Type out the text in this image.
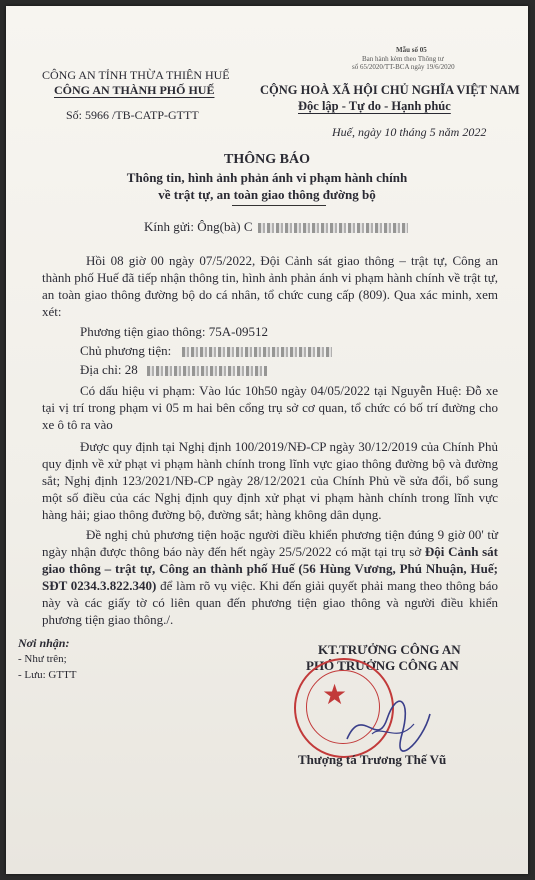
Mẫu số 05
Ban hành kèm theo Thông tư
số 65/2020/TT-BCA ngày 19/6/2020
CÔNG AN TỈNH THỪA THIÊN HUẾ
CÔNG AN THÀNH PHỐ HUẾ
Số: 5966 /TB-CATP-GTTT
CỘNG HOÀ XÃ HỘI CHỦ NGHĨA VIỆT NAM
Độc lập - Tự do - Hạnh phúc
Huế, ngày 10 tháng 5 năm 2022
THÔNG BÁO
Thông tin, hình ảnh phản ánh vi phạm hành chính
về trật tự, an toàn giao thông đường bộ
Kính gửi: Ông(bà) C
Hồi 08 giờ 00 ngày 07/5/2022, Đội Cảnh sát giao thông – trật tự, Công an thành phố Huế đã tiếp nhận thông tin, hình ảnh phản ánh vi phạm hành chính về trật tự, an toàn giao thông đường bộ do cá nhân, tổ chức cung cấp (809). Qua xác minh, xem xét:
Phương tiện giao thông: 75A-09512
Chủ phương tiện:
Địa chỉ: 28
Có dấu hiệu vi phạm: Vào lúc 10h50 ngày 04/05/2022 tại Nguyễn Huệ: Đỗ xe tại vị trí trong phạm vi 05 m hai bên cổng trụ sở cơ quan, tổ chức có bố trí đường cho xe ô tô ra vào
Được quy định tại Nghị định 100/2019/NĐ-CP ngày 30/12/2019 của Chính Phủ quy định về xử phạt vi phạm hành chính trong lĩnh vực giao thông đường bộ và đường sắt; Nghị định 123/2021/NĐ-CP ngày 28/12/2021 của Chính Phủ về sửa đổi, bổ sung một số điều của các Nghị định quy định xử phạt vi phạm hành chính trong lĩnh vực hàng hải; giao thông đường bộ, đường sắt; hàng không dân dụng.
Đề nghị chủ phương tiện hoặc người điều khiển phương tiện đúng 9 giờ 00' từ ngày nhận được thông báo này đến hết ngày 25/5/2022 có mặt tại trụ sở Đội Cảnh sát giao thông – trật tự, Công an thành phố Huế (56 Hùng Vương, Phú Nhuận, Huế; SĐT 0234.3.822.340) để làm rõ vụ việc. Khi đến giải quyết phải mang theo thông báo này và các giấy tờ có liên quan đến phương tiện giao thông và người điều khiển phương tiện giao thông./.
Nơi nhận:
- Như trên;
- Lưu: GTTT
KT.TRƯỞNG CÔNG AN
PHÓ TRƯỞNG CÔNG AN
★
Thượng tá Trương Thế Vũ
